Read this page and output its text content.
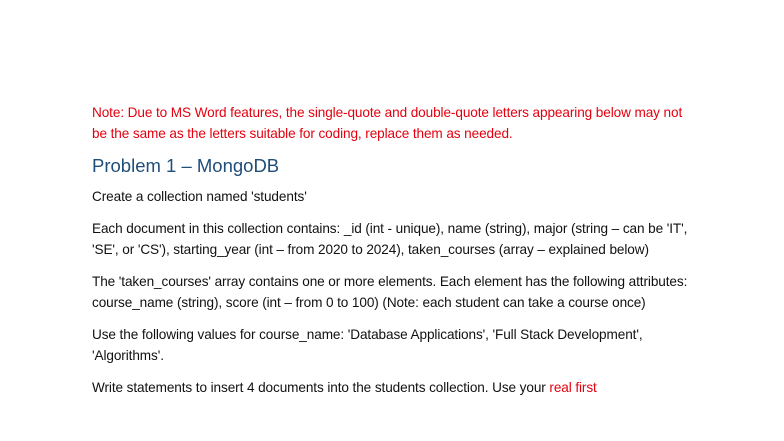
Note: Due to MS Word features, the single-quote and double-quote letters appearing below may not be the same as the letters suitable for coding, replace them as needed.

Problem 1 – MongoDB

Create a collection named 'students'

Each document in this collection contains: _id (int - unique), name (string), major (string – can be 'IT', 'SE', or 'CS'), starting_year (int – from 2020 to 2024), taken_courses (array – explained below)

The 'taken_courses' array contains one or more elements. Each element has the following attributes: course_name (string), score (int – from 0 to 100) (Note: each student can take a course once)

Use the following values for course_name: 'Database Applications', 'Full Stack Development', 'Algorithms'.

Write statements to insert 4 documents into the students collection. Use your real first
